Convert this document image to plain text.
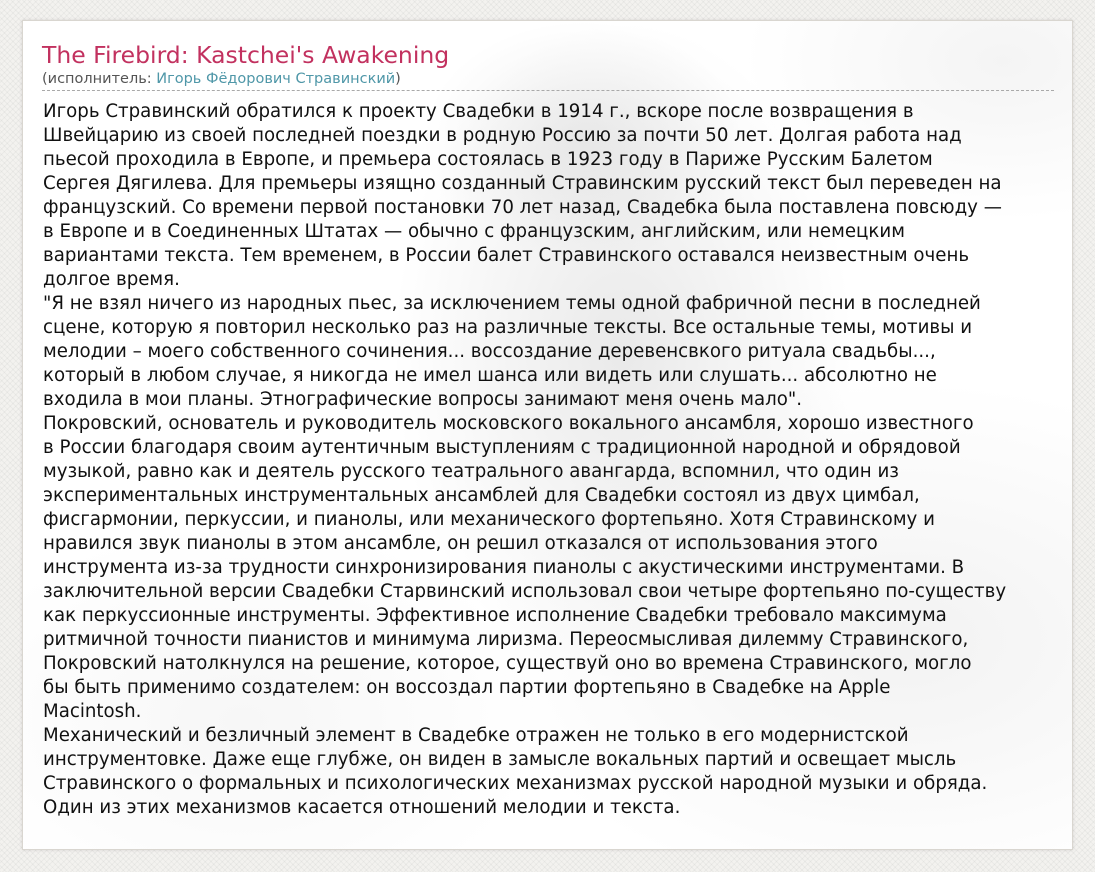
The Firebird: Kastchei's Awakening
(исполнитель: Игорь Фёдорович Стравинский)

Игорь Стравинский обратился к проекту Свадебки в 1914 г., вскоре после возвращения в

Швейцарию из своей последней поездки в родную Россию за почти 50 лет. Долгая работа над

пьесой проходила в Европе, и премьера состоялась в 1923 году в Париже Русским Балетом

Сергея Дягилева. Для премьеры изящно созданный Стравинским русский текст был переведен на

французский. Со времени первой постановки 70 лет назад, Свадебка была поставлена повсюду —

в Европе и в Соединенных Штатах — обычно с французским, английским, или немецким

вариантами текста. Тем временем, в России балет Стравинского оставался неизвестным очень

долгое время.

"Я не взял ничего из народных пьес, за исключением темы одной фабричной песни в последней

сцене, которую я повторил несколько раз на различные тексты. Все остальные темы, мотивы и

мелодии – моего собственного сочинения... воссоздание деревенсвкого ритуала свадьбы...,

который в любом случае, я никогда не имел шанса или видеть или слушать... абсолютно не

входила в мои планы. Этнографические вопросы занимают меня очень мало".

Покровский, основатель и руководитель московского вокального ансамбля, хорошо известного

в России благодаря своим аутентичным выступлениям с традиционной народной и обрядовой

музыкой, равно как и деятель русского театрального авангарда, вспомнил, что один из

экспериментальных инструментальных ансамблей для Свадебки состоял из двух цимбал,

фисгармонии, перкуссии, и пианолы, или механического фортепьяно. Хотя Стравинскому и

нравился звук пианолы в этом ансамбле, он решил отказался от использования этого

инструмента из-за трудности синхронизирования пианолы с акустическими инструментами. В

заключительной версии Свадебки Старвинский использовал свои четыре фортепьяно по-существу

как перкуссионные инструменты. Эффективное исполнение Свадебки требовало максимума

ритмичной точности пианистов и минимума лиризма. Переосмысливая дилемму Стравинского,

Покровский натолкнулся на решение, которое, существуй оно во времена Стравинского, могло

бы быть применимо создателем: он воссоздал партии фортепьяно в Свадебке на Apple

Macintosh.

Механический и безличный элемент в Свадебке отражен не только в его модернистской

инструментовке. Даже еще глубже, он виден в замысле вокальных партий и освещает мысль

Стравинского о формальных и психологических механизмах русской народной музыки и обряда.

Один из этих механизмов касается отношений мелодии и текста.
